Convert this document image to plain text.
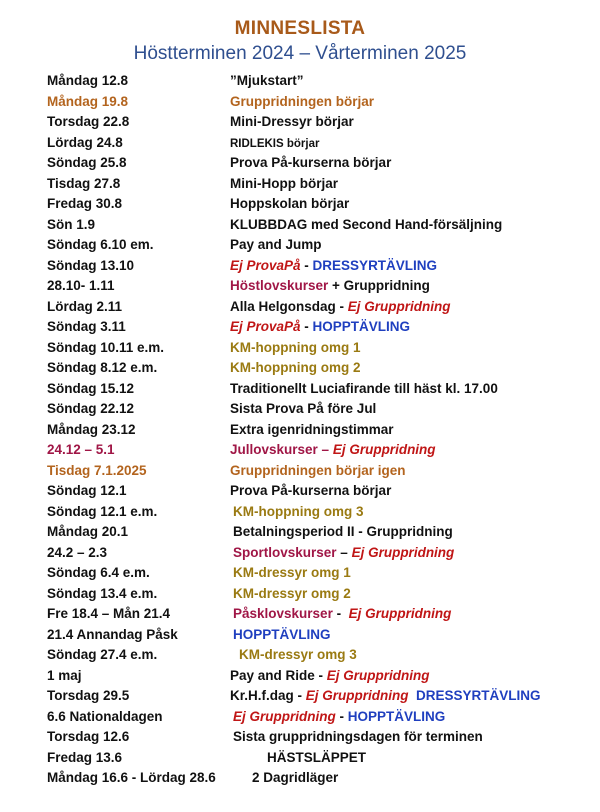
MINNESLISTA
Höstterminen 2024 – Vårterminen 2025
Måndag 12.8	”Mjukstart”
Måndag 19.8	Gruppridningen börjar
Torsdag 22.8	Mini-Dressyr börjar
Lördag 24.8	RIDLEKIS börjar
Söndag 25.8	Prova På-kurserna börjar
Tisdag 27.8	Mini-Hopp börjar
Fredag 30.8	Hoppskolan börjar
Sön 1.9	KLUBBDAG med Second Hand-försäljning
Söndag 6.10 em.	Pay and Jump
Söndag 13.10	Ej ProvaPå - DRESSYRTÄVLING
28.10- 1.11	Höstlovskurser + Gruppridning
Lördag 2.11	Alla Helgonsdag - Ej Gruppridning
Söndag 3.11	Ej ProvaPå - HOPPTÄVLING
Söndag 10.11 e.m.	KM-hoppning omg 1
Söndag 8.12 e.m.	KM-hoppning omg 2
Söndag 15.12	Traditionellt Luciafirande till häst kl. 17.00
Söndag 22.12	Sista Prova På före Jul
Måndag 23.12	Extra igenridningstimmar
24.12 – 5.1	Jullovskurser – Ej Gruppridning
Tisdag 7.1.2025	Gruppridningen börjar igen
Söndag 12.1	Prova På-kurserna börjar
Söndag 12.1 e.m.	KM-hoppning omg 3
Måndag 20.1	Betalningsperiod II - Gruppridning
24.2 – 2.3	Sportlovskurser – Ej Gruppridning
Söndag 6.4 e.m.	KM-dressyr omg 1
Söndag 13.4 e.m.	KM-dressyr omg 2
Fre 18.4 – Mån 21.4	Påsklovskurser -  Ej Gruppridning
21.4 Annandag Påsk	HOPPTÄVLING
Söndag 27.4 e.m.	KM-dressyr omg 3
1 maj	Pay and Ride - Ej Gruppridning
Torsdag 29.5	Kr.H.f.dag - Ej Gruppridning DRESSYRTÄVLING
6.6 Nationaldagen	Ej Gruppridning - HOPPTÄVLING
Torsdag 12.6	Sista gruppridningsdagen för terminen
Fredag 13.6	HÄSTSLÄPPET
Måndag 16.6 - Lördag 28.6	2 Dagridläger
